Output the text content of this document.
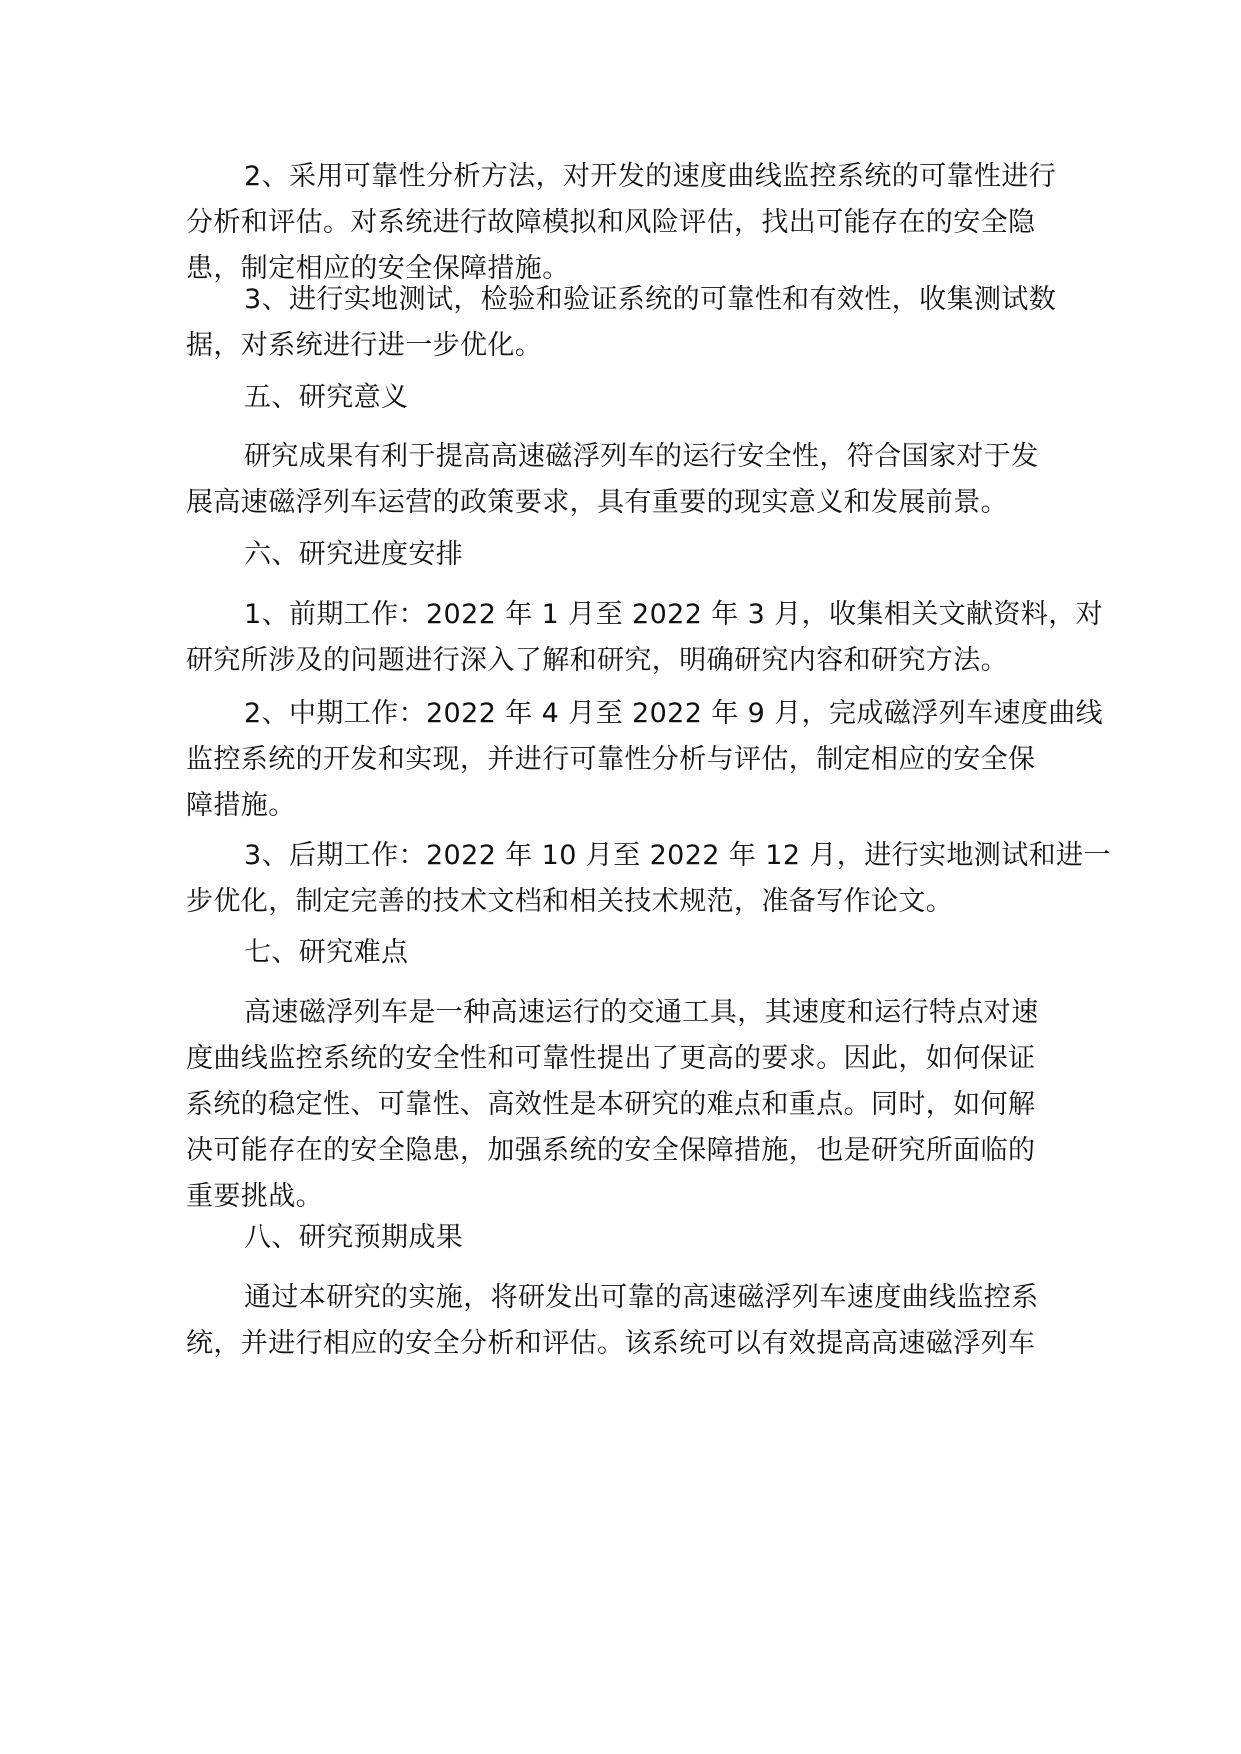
2、采用可靠性分析方法，对开发的速度曲线监控系统的可靠性进行
分析和评估。对系统进行故障模拟和风险评估，找出可能存在的安全隐
患，制定相应的安全保障措施。
3、进行实地测试，检验和验证系统的可靠性和有效性，收集测试数
据，对系统进行进一步优化。
五、研究意义
研究成果有利于提高高速磁浮列车的运行安全性，符合国家对于发
展高速磁浮列车运营的政策要求，具有重要的现实意义和发展前景。
六、研究进度安排
1、前期工作：2022 年 1 月至 2022 年 3 月，收集相关文献资料，对
研究所涉及的问题进行深入了解和研究，明确研究内容和研究方法。
2、中期工作：2022 年 4 月至 2022 年 9 月，完成磁浮列车速度曲线
监控系统的开发和实现，并进行可靠性分析与评估，制定相应的安全保
障措施。
3、后期工作：2022 年 10 月至 2022 年 12 月，进行实地测试和进一
步优化，制定完善的技术文档和相关技术规范，准备写作论文。
七、研究难点
高速磁浮列车是一种高速运行的交通工具，其速度和运行特点对速
度曲线监控系统的安全性和可靠性提出了更高的要求。因此，如何保证
系统的稳定性、可靠性、高效性是本研究的难点和重点。同时，如何解
决可能存在的安全隐患，加强系统的安全保障措施，也是研究所面临的
重要挑战。
八、研究预期成果
通过本研究的实施，将研发出可靠的高速磁浮列车速度曲线监控系
统，并进行相应的安全分析和评估。该系统可以有效提高高速磁浮列车
